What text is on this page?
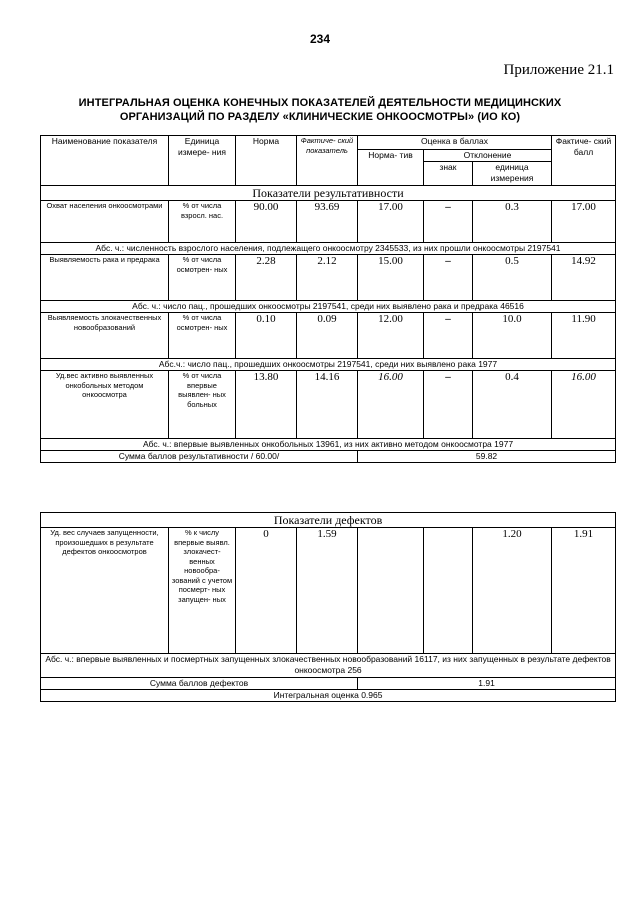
234
Приложение 21.1
ИНТЕГРАЛЬНАЯ ОЦЕНКА КОНЕЧНЫХ ПОКАЗАТЕЛЕЙ ДЕЯТЕЛЬНОСТИ МЕДИЦИНСКИХ
ОРГАНИЗАЦИЙ ПО РАЗДЕЛУ «КЛИНИЧЕСКИЕ ОНКООСМОТРЫ» (ИО КО)
Наименование показателя	Единица измере- ния	Норма	Фактиче- ский показатель	Оценка в баллах			Фактиче- ский балл
				Норма- тив	Отклонение		
					знак	единица измерения	
Показатели результативности							
Охват населения онкоосмотрами	% от числа взросл. нас.	90.00	93.69	17.00	–	0.3	17.00
Абс. ч.: численность взрослого населения, подлежащего онкоосмотру 2345533, из них прошли онкоосмотры 2197541							
Выявляемость рака и предрака	% от числа осмотрен- ных	2.28	2.12	15.00	–	0.5	14.92
Абс. ч.: число пац., прошедших онкоосмотры 2197541, среди них выявлено рака и предрака 46516							
Выявляемость злокачественных новообразований	% от числа осмотрен- ных	0.10	0.09	12.00	–	10.0	11.90
Абс.ч.: число пац., прошедших онкоосмотры 2197541, среди них выявлено рака 1977							
Уд.вес активно выявленных онкобольных методом онкоосмотра	% от числа впервые выявлен- ных больных	13.80	14.16	16.00	–	0.4	16.00
Абс. ч.: впервые выявленных онкобольных 13961, из них активно методом онкоосмотра 1977							
Сумма баллов результативности / 60.00/				59.82			
Показатели дефектов							
Уд. вес случаев запущенности, произошедших в результате дефектов онкоосмотров	% к числу впервые выявл. злокачест- венных новообра- зований с учетом посмерт- ных запущен- ных	0	1.59			1.20	1.91
Абс. ч.: впервые выявленных и посмертных запущенных злокачественных новообразований 16117, из них запущенных в результате дефектов онкоосмотра 256							
Сумма баллов дефектов				1.91			
Интегральная оценка 0.965							
